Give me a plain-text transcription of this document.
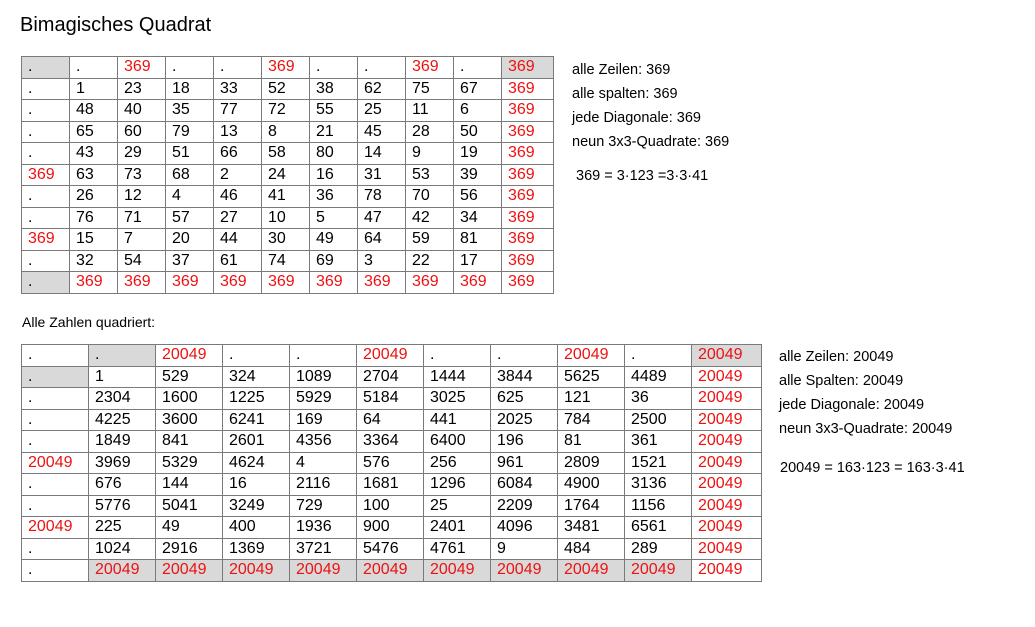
Bimagisches Quadrat
.	.	369	.	.	369	.	.	369	.	369
.	1	23	18	33	52	38	62	75	67	369
.	48	40	35	77	72	55	25	11	6	369
.	65	60	79	13	8	21	45	28	50	369
.	43	29	51	66	58	80	14	9	19	369
369	63	73	68	2	24	16	31	53	39	369
.	26	12	4	46	41	36	78	70	56	369
.	76	71	57	27	10	5	47	42	34	369
369	15	7	20	44	30	49	64	59	81	369
.	32	54	37	61	74	69	3	22	17	369
.	369	369	369	369	369	369	369	369	369	369
alle Zeilen: 369
alle spalten: 369
jede Diagonale: 369
neun 3x3-Quadrate: 369
369 = 3·123 =3·3·41
Alle Zahlen quadriert:
.	.	20049	.	.	20049	.	.	20049	.	20049
.	1	529	324	1089	2704	1444	3844	5625	4489	20049
.	2304	1600	1225	5929	5184	3025	625	121	36	20049
.	4225	3600	6241	169	64	441	2025	784	2500	20049
.	1849	841	2601	4356	3364	6400	196	81	361	20049
20049	3969	5329	4624	4	576	256	961	2809	1521	20049
.	676	144	16	2116	1681	1296	6084	4900	3136	20049
.	5776	5041	3249	729	100	25	2209	1764	1156	20049
20049	225	49	400	1936	900	2401	4096	3481	6561	20049
.	1024	2916	1369	3721	5476	4761	9	484	289	20049
.	20049	20049	20049	20049	20049	20049	20049	20049	20049	20049
alle Zeilen: 20049
alle Spalten: 20049
jede Diagonale: 20049
neun 3x3-Quadrate: 20049
20049 = 163·123 = 163·3·41
